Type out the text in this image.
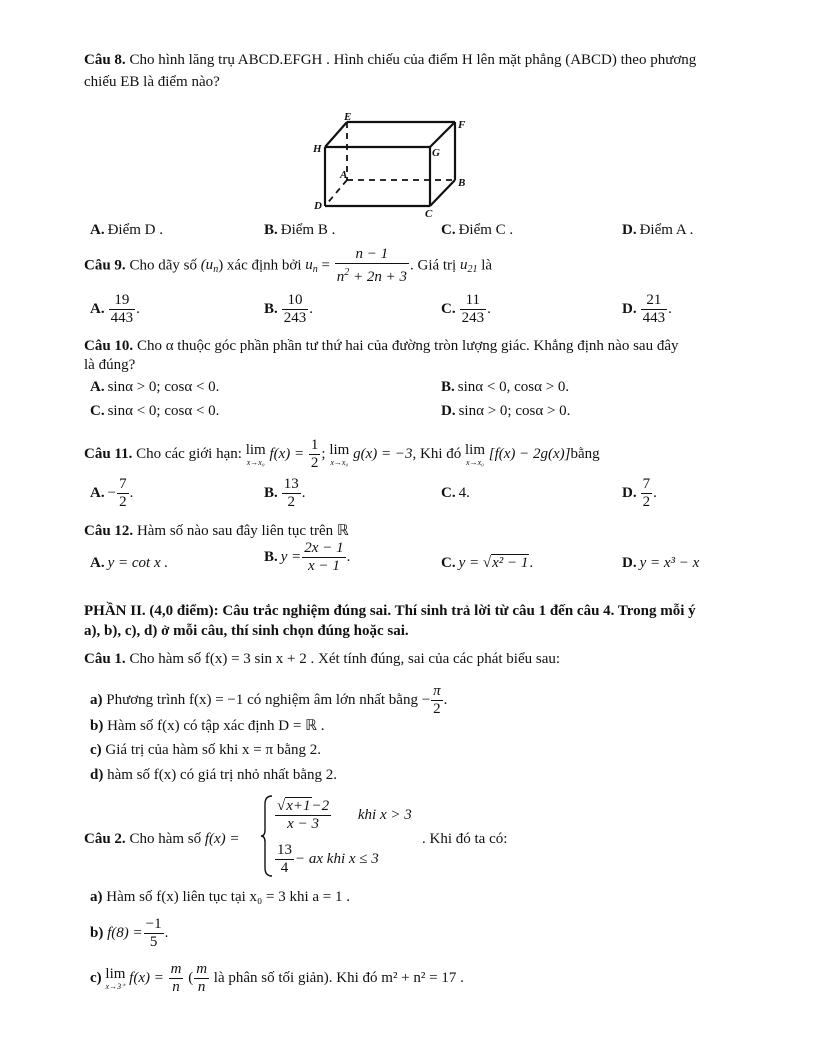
Câu 8. Cho hình lăng trụ ABCD.EFGH . Hình chiếu của điểm H lên mặt phẳng (ABCD) theo phương
chiếu EB là điểm nào?
E
F
H	G
A
B
D
C
A. Điểm D .	B. Điểm B .	C. Điểm C .	D. Điểm A .
Câu 9. Cho dãy số $(u_n)$ xác định bởi $u_n = \frac{n - 1}{n^2 + 2n + 3}$ . Giá trị $u_{21}$ là
A. $\frac{19}{443}$ .	B. $\frac{10}{243}$ .	C. $\frac{11}{243}$ .	D. $\frac{21}{443}$ .
Câu 10. Cho α thuộc góc phần phần tư thứ hai của đường tròn lượng giác. Khẳng định nào sau đây
là đúng?
A. sinα > 0; cosα < 0.	B. sinα < 0, cosα > 0.
C. sinα < 0; cosα < 0.	D. sinα > 0; cosα > 0.
Câu 11. Cho các giới hạn: lim
x→x₀
$f(x) = \frac{1}{2}$ ; lim
x→x₀
g(x) = −3, Khi đó lim
x→x₀
[f(x) − 2g(x)]bằng
A. − $\frac{7}{2}$ .	B. $\frac{13}{2}$ .	C. 4.	D. $\frac{7}{2}$ .
Câu 12. Hàm số nào sau đây liên tục trên ℝ
A. y = cot x .	B. $y = \frac{2x - 1}{x - 1}$ .	C. y = √x² − 1.	D. y = x³ − x
PHẦN II. (4,0 điểm): Câu trắc nghiệm đúng sai. Thí sinh trả lời từ câu 1 đến câu 4. Trong mỗi ý
a), b), c), d) ở mỗi câu, thí sinh chọn đúng hoặc sai.
Câu 1. Cho hàm số f(x) = 3 sin x + 2 . Xét tính đúng, sai của các phát biểu sau:
a) Phương trình f(x) = −1 có nghiệm âm lớn nhất bằng − $\frac{\pi}{2}$ .
b) Hàm số f(x) có tập xác định D = ℝ .
c) Giá trị của hàm số khi x = π bằng 2.
d) hàm số f(x) có giá trị nhỏ nhất bằng 2.
Câu 2. Cho hàm số f(x) =
$\frac{√x+1-2}{x - 3}$ khi x > 3
$\frac{13}{4}$ − ax khi x ≤ 3
. Khi đó ta có:
a) Hàm số f(x) liên tục tại x₀ = 3 khi a = 1 .
b) $f(8) = \frac{-1}{5}$ .
c) lim
x→3⁺
$f(x) = \frac{m}{n}$ ( $\frac{m}{n}$ là phân số tối giản). Khi đó m² + n² = 17 .
